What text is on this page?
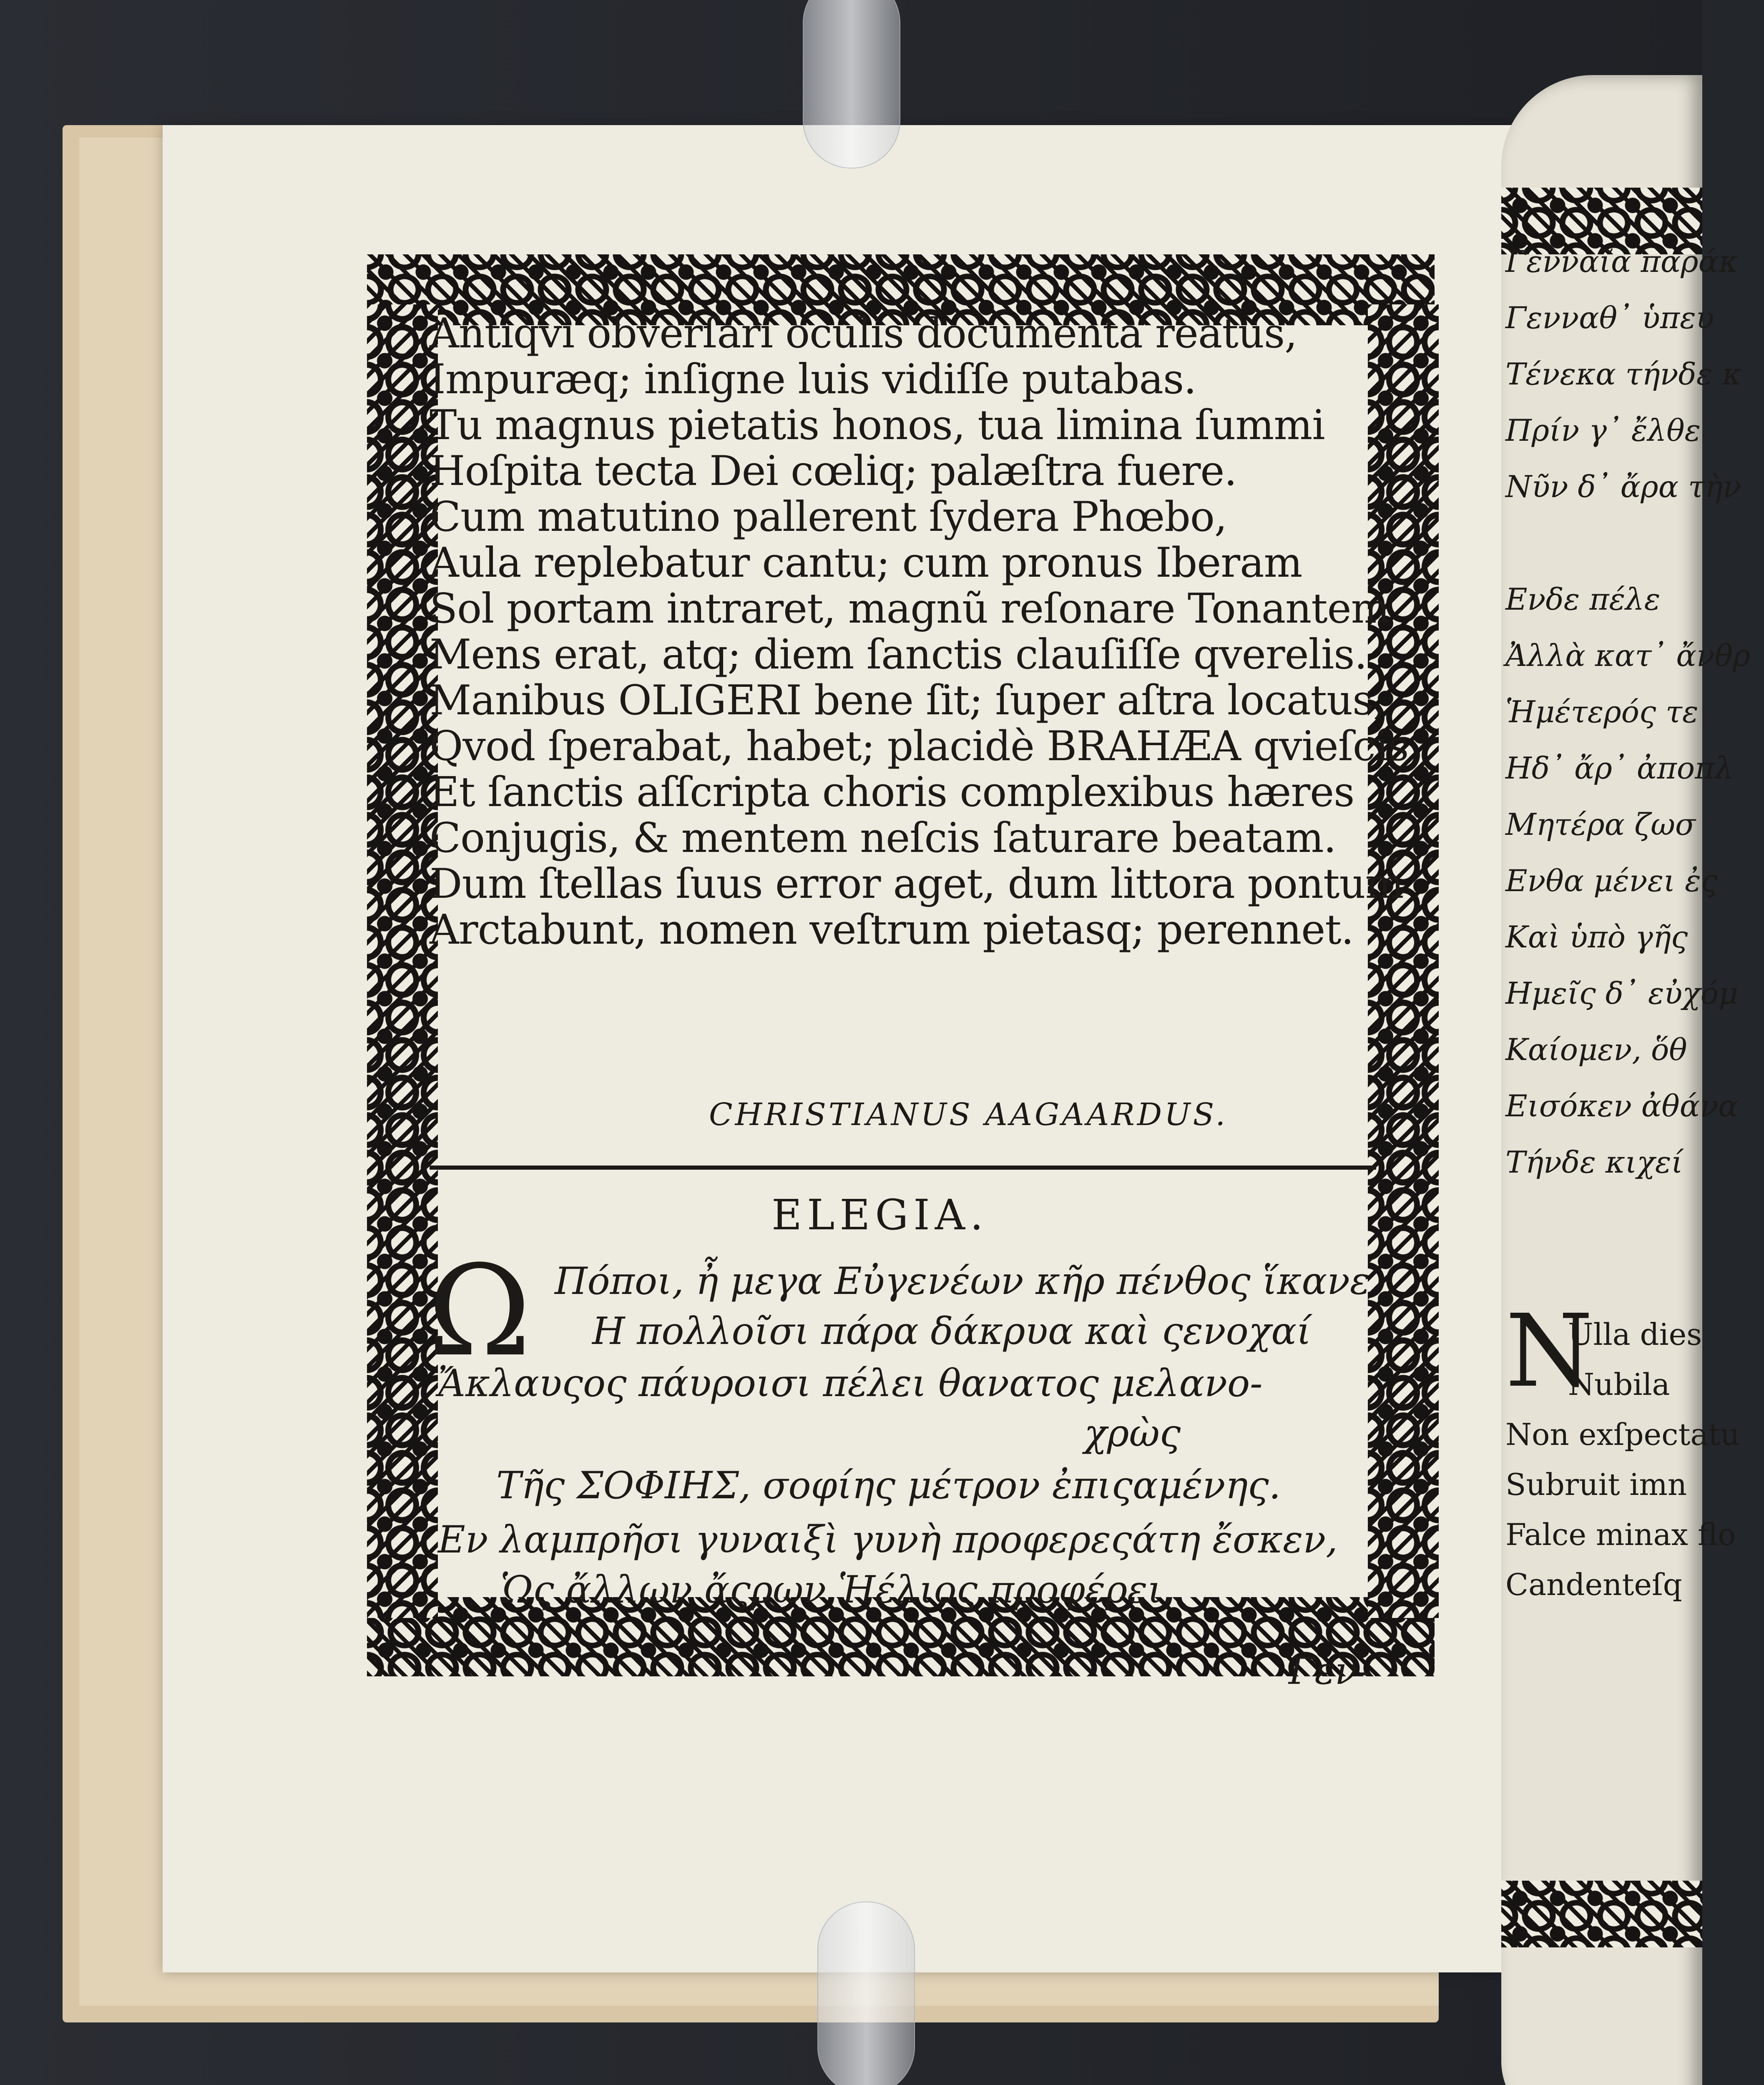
Γενναῖα παράκ
Γενναθ᾽ ὑπευ
Τένεκα τήνδε κ
Πρίν γ᾽ ἔλθε
Νῦν δ᾽ ἄρα τὴν
Ενδε πέλε
Ἀλλὰ κατ᾽ ἄνθρ
Ἡμέτερός τε
Ηδ᾽ ἄρ᾽ ἀποπλ
Μητέρα ζωσ
Ενθα μένει ἐς
Καὶ ὑπὸ γῆς
Ημεῖς δ᾽ εὐχόμ
Καίομεν, ὅθ
Εισόκεν ἀθάνα
Τήνδε κιχεί
N
Ulla dies
Nubila
Non exſpectatu
Subruit imn
Falce minax flo
Candenteſq
Antiqvi obverſari oculis documenta reatus,
Impuræq; inſigne luis vidiſſe putabas.
Tu magnus pietatis honos, tua limina ſummi
Hoſpita tecta Dei cœliq; palæſtra fuere.
Cum matutino pallerent ſydera Phœbo,
Aula replebatur cantu; cum pronus Iberam
Sol portam intraret, magnũ reſonare Tonantem
Mens erat, atq; diem ſanctis clauſiſſe qverelis.
Manibus OLIGERI bene ſit; ſuper aſtra locatus,
Qvod ſperabat, habet; placidè BRAHÆA qvieſcis
Et ſanctis aſſcripta choris complexibus hæres
Conjugis, & mentem neſcis ſaturare beatam.
Dum ſtellas ſuus error aget, dum littora pontum
Arctabunt, nomen veſtrum pietasq; perennet.
CHRISTIANUS AAGAARDUS.
ELEGIA.
Ω Πόποι, ἦ μεγα Εὐγενέων κῆρ πένθος ἵκανε
Η πολλοῖσι πάρα δάκρυα καὶ ςενοχαί
Ἄκλαυςος πάυροισι πέλει θανατος μελανο-
χρὼς
Τῆς ΣΟΦΙΗΣ, σοφίης μέτρον ἐπιςαμένης.
Εν λαμπρῆσι γυναιξὶ γυνὴ προφερεςάτη ἔσκεν,
Ὡς ἄλλων ἄςρων Ἡέλιος προφέρει.
Γεν-
